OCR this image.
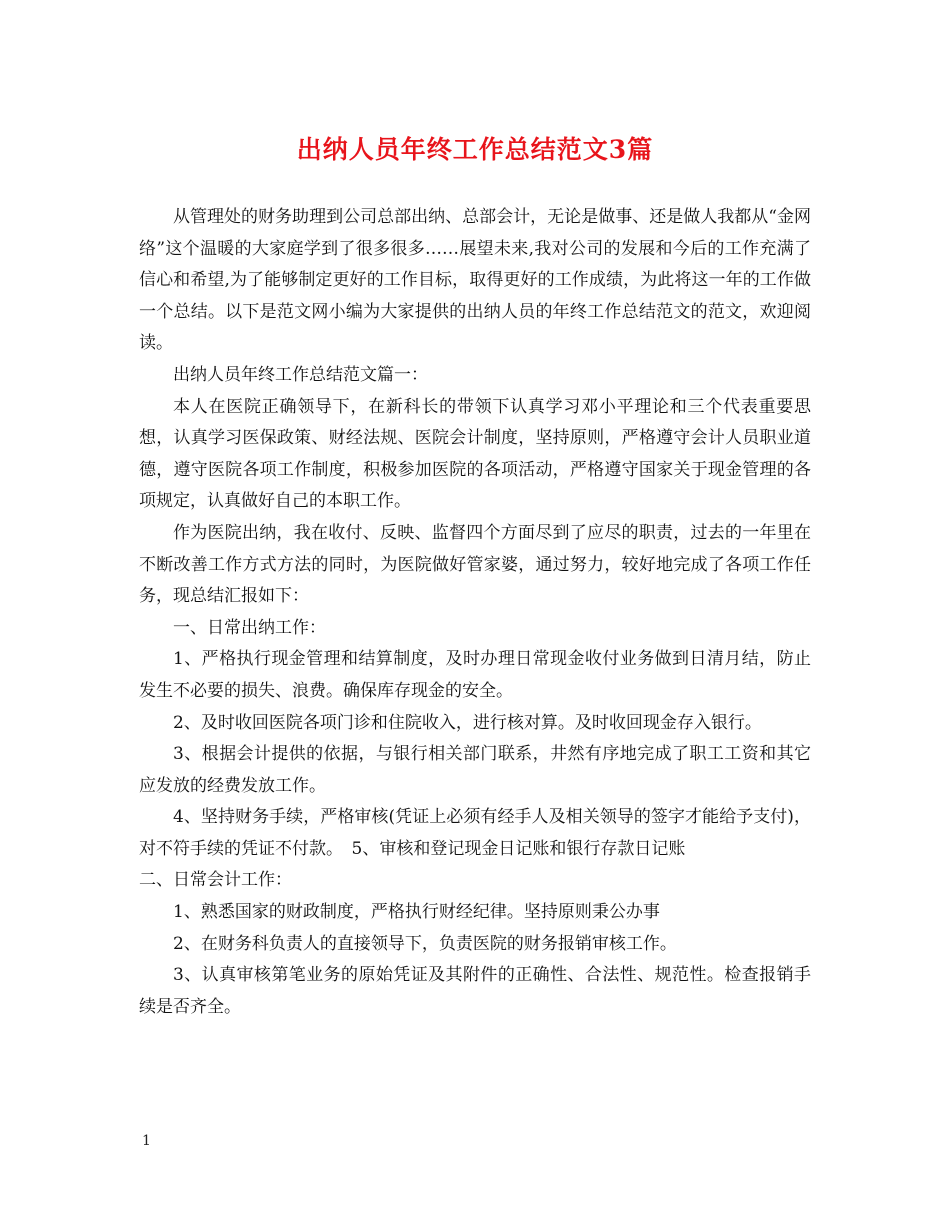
出纳人员年终工作总结范文3篇

从管理处的财务助理到公司总部出纳、总部会计，无论是做事、还是做人我都从“金网络”这个温暖的大家庭学到了很多很多……展望未来,我对公司的发展和今后的工作充满了信心和希望,为了能够制定更好的工作目标，取得更好的工作成绩，为此将这一年的工作做一个总结。以下是范文网小编为大家提供的出纳人员的年终工作总结范文的范文，欢迎阅读。

出纳人员年终工作总结范文篇一：

本人在医院正确领导下，在新科长的带领下认真学习邓小平理论和三个代表重要思想，认真学习医保政策、财经法规、医院会计制度，坚持原则，严格遵守会计人员职业道德，遵守医院各项工作制度，积极参加医院的各项活动，严格遵守国家关于现金管理的各项规定，认真做好自己的本职工作。

作为医院出纳，我在收付、反映、监督四个方面尽到了应尽的职责，过去的一年里在不断改善工作方式方法的同时，为医院做好管家婆，通过努力，较好地完成了各项工作任务，现总结汇报如下：

一、日常出纳工作：

1、严格执行现金管理和结算制度，及时办理日常现金收付业务做到日清月结，防止发生不必要的损失、浪费。确保库存现金的安全。

2、及时收回医院各项门诊和住院收入，进行核对算。及时收回现金存入银行。

3、根据会计提供的依据，与银行相关部门联系，井然有序地完成了职工工资和其它应发放的经费发放工作。

4、坚持财务手续，严格审核(凭证上必须有经手人及相关领导的签字才能给予支付)，对不符手续的凭证不付款。　5、审核和登记现金日记账和银行存款日记账

二、日常会计工作：

1、熟悉国家的财政制度，严格执行财经纪律。坚持原则秉公办事

2、在财务科负责人的直接领导下，负责医院的财务报销审核工作。

3、认真审核第笔业务的原始凭证及其附件的正确性、合法性、规范性。检查报销手续是否齐全。

1
